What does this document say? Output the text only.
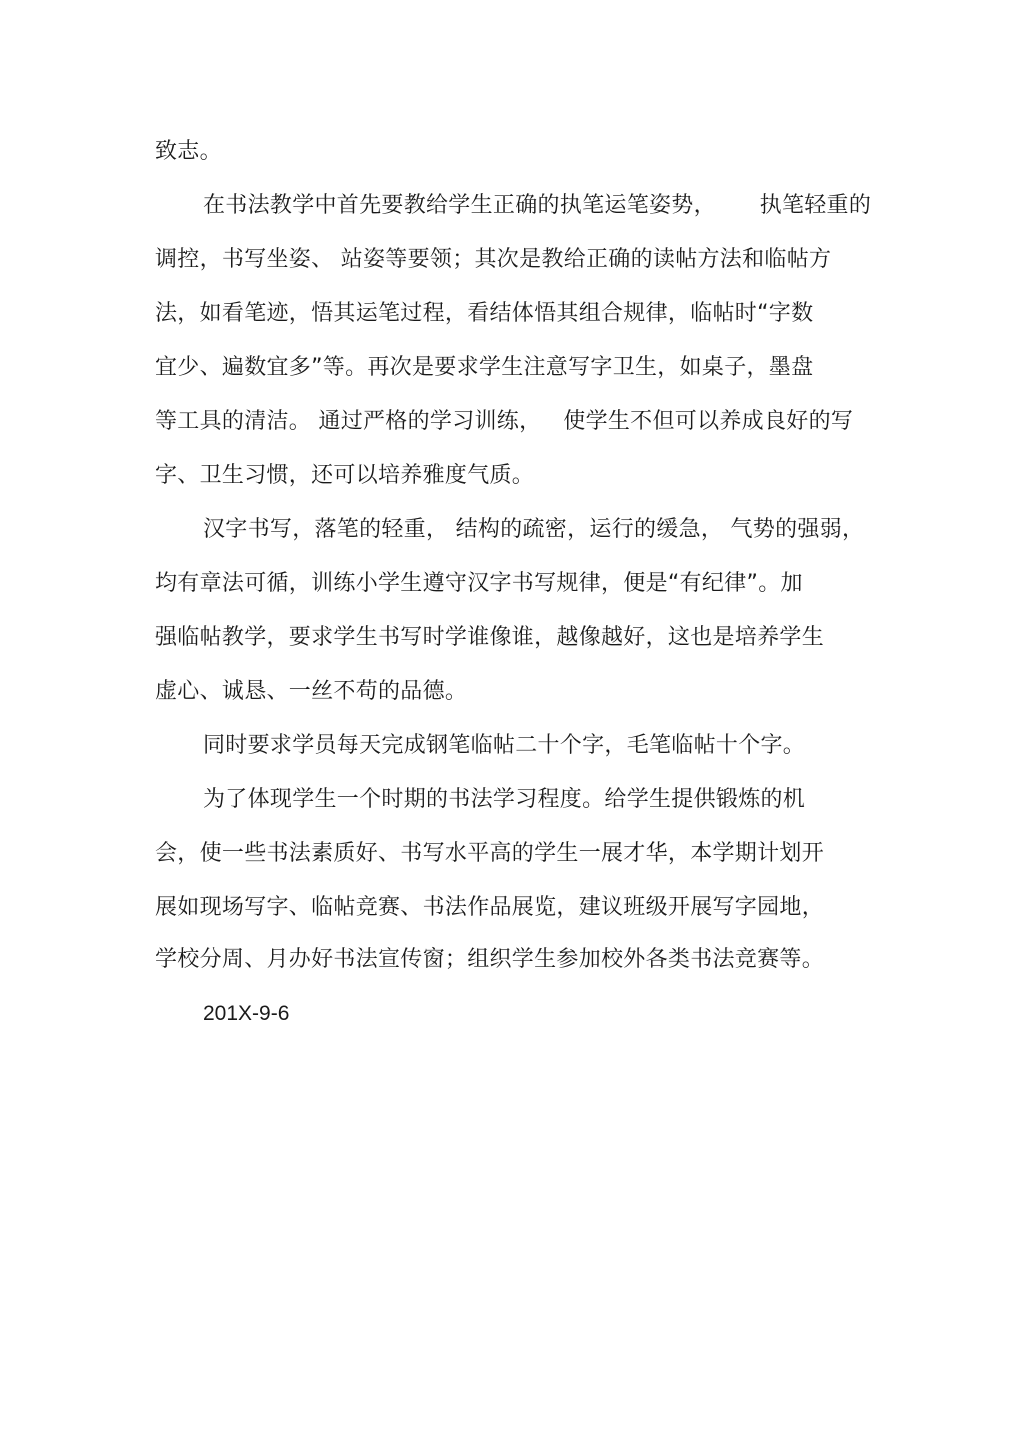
致志。
在书法教学中首先要教给学生正确的执笔运笔姿势，      执笔轻重的
调控，书写坐姿、 站姿等要领；其次是教给正确的读帖方法和临帖方
法，如看笔迹，悟其运笔过程，看结体悟其组合规律，临帖时“字数
宜少、遍数宜多”等。再次是要求学生注意写字卫生，如桌子，墨盘
等工具的清洁。 通过严格的学习训练，   使学生不但可以养成良好的写
字、卫生习惯，还可以培养雅度气质。
汉字书写，落笔的轻重， 结构的疏密，运行的缓急， 气势的强弱，
均有章法可循，训练小学生遵守汉字书写规律，便是“有纪律”。加
强临帖教学，要求学生书写时学谁像谁，越像越好，这也是培养学生
虚心、诚恳、一丝不苟的品德。
同时要求学员每天完成钢笔临帖二十个字，毛笔临帖十个字。
为了体现学生一个时期的书法学习程度。给学生提供锻炼的机
会，使一些书法素质好、书写水平高的学生一展才华，本学期计划开
展如现场写字、临帖竞赛、书法作品展览，建议班级开展写字园地，
学校分周、月办好书法宣传窗；组织学生参加校外各类书法竞赛等。
201X-9-6
